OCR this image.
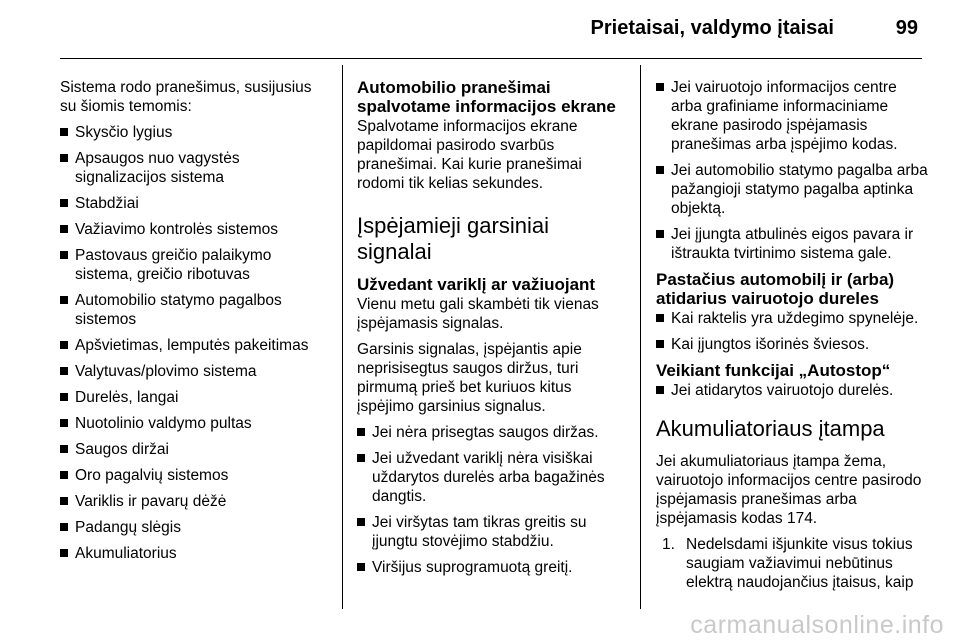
Prietaisai, valdymo įtaisai	99

Sistema rodo pranešimus, susijusius su šiomis temomis:

Skysčio lygius
Apsaugos nuo vagystės signalizacijos sistema
Stabdžiai
Važiavimo kontrolės sistemos
Pastovaus greičio palaikymo sistema, greičio ribotuvas
Automobilio statymo pagalbos sistemos
Apšvietimas, lemputės pakeitimas
Valytuvas/plovimo sistema
Durelės, langai
Nuotolinio valdymo pultas
Saugos diržai
Oro pagalvių sistemos
Variklis ir pavarų dėžė
Padangų slėgis
Akumuliatorius
Automobilio pranešimai spalvotame informacijos ekrane

Spalvotame informacijos ekrane papildomai pasirodo svarbūs pranešimai. Kai kurie pranešimai rodomi tik kelias sekundes.

Įspėjamieji garsiniai signalai
Užvedant variklį ar važiuojant

Vienu metu gali skambėti tik vienas įspėjamasis signalas.

Garsinis signalas, įspėjantis apie neprisisegtus saugos diržus, turi pirmumą prieš bet kuriuos kitus įspėjimo garsinius signalus.

Jei nėra prisegtas saugos diržas.
Jei užvedant variklį nėra visiškai uždarytos durelės arba bagažinės dangtis.
Jei viršytas tam tikras greitis su įjungtu stovėjimo stabdžiu.
Viršijus suprogramuotą greitį.
Jei vairuotojo informacijos centre arba grafiniame informaciniame ekrane pasirodo įspėjamasis pranešimas arba įspėjimo kodas.
Jei automobilio statymo pagalba arba pažangioji statymo pagalba aptinka objektą.
Jei įjungta atbulinės eigos pavara ir ištraukta tvirtinimo sistema gale.
Pastačius automobilį ir (arba) atidarius vairuotojo dureles
Kai raktelis yra uždegimo spynelėje.
Kai įjungtos išorinės šviesos.
Veikiant funkcijai „Autostop“
Jei atidarytos vairuotojo durelės.
Akumuliatoriaus įtampa

Jei akumuliatoriaus įtampa žema, vairuotojo informacijos centre pasirodo įspėjamasis pranešimas arba įspėjamasis kodas 174.

1. Nedelsdami išjunkite visus tokius saugiam važiavimui nebūtinus elektrą naudojančius įtaisus, kaip
carmanualsonline.info
